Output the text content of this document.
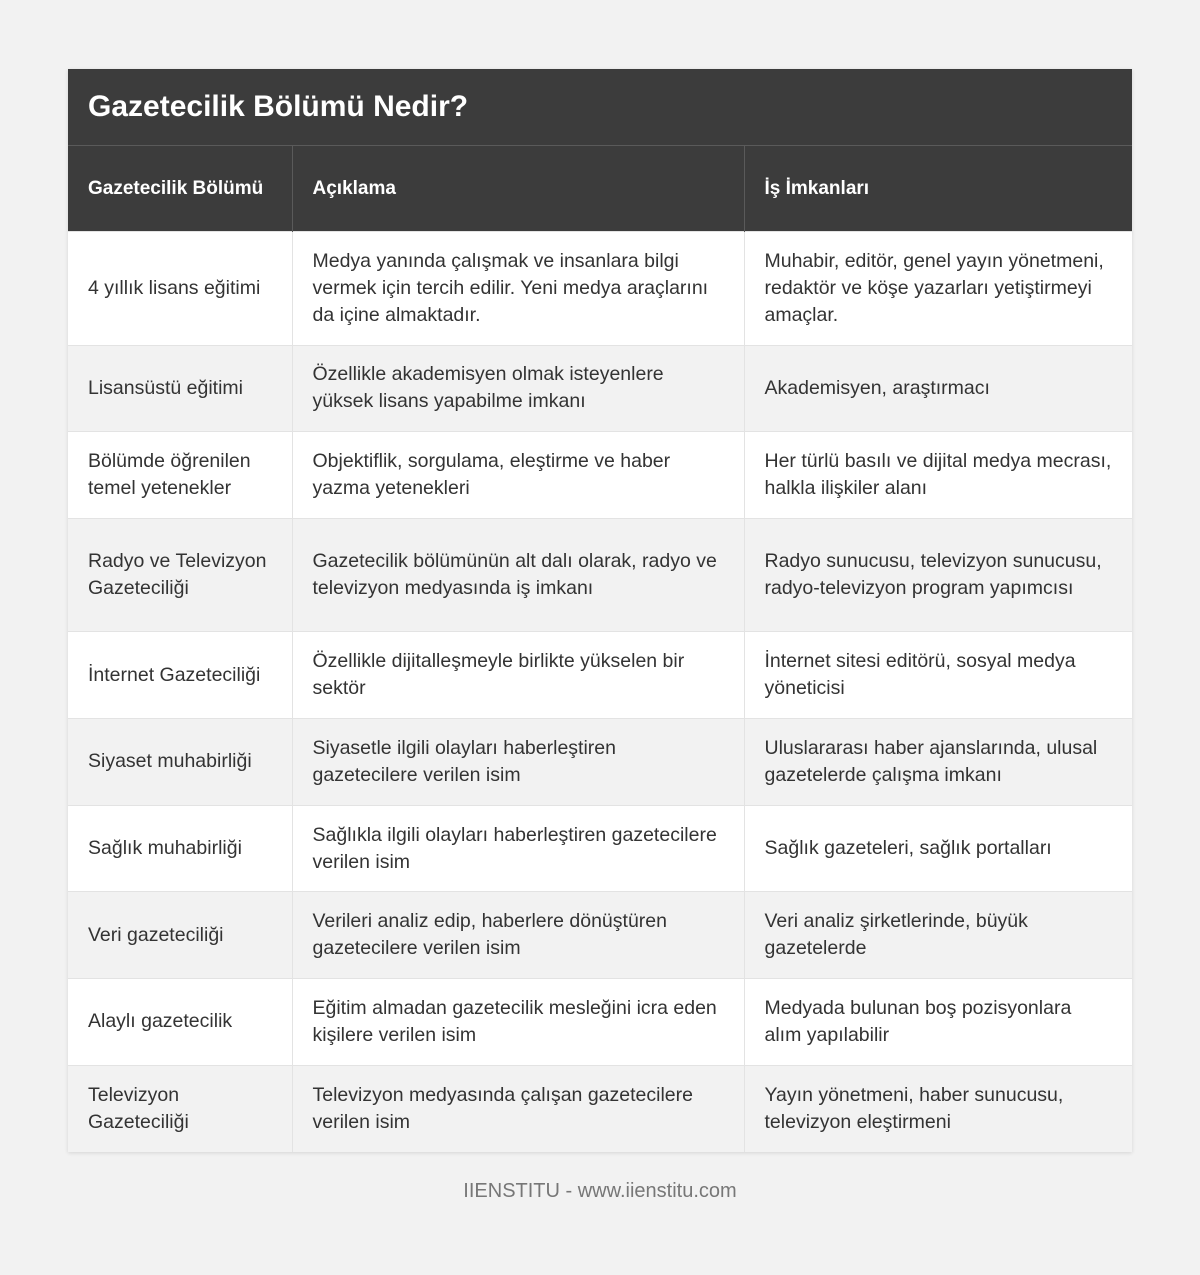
Gazetecilik Bölümü Nedir?
Gazetecilik Bölümü	Açıklama	İş İmkanları
4 yıllık lisans eğitimi	Medya yanında çalışmak ve insanlara bilgi vermek için tercih edilir. Yeni medya araçlarını da içine almaktadır.	Muhabir, editör, genel yayın yönetmeni, redaktör ve köşe yazarları yetiştirmeyi amaçlar.
Lisansüstü eğitimi	Özellikle akademisyen olmak isteyenlere yüksek lisans yapabilme imkanı	Akademisyen, araştırmacı
Bölümde öğrenilen temel yetenekler	Objektiflik, sorgulama, eleştirme ve haber yazma yetenekleri	Her türlü basılı ve dijital medya mecrası, halkla ilişkiler alanı
Radyo ve Televizyon Gazeteciliği	Gazetecilik bölümünün alt dalı olarak, radyo ve televizyon medyasında iş imkanı	Radyo sunucusu, televizyon sunucusu, radyo-televizyon program yapımcısı
İnternet Gazeteciliği	Özellikle dijitalleşmeyle birlikte yükselen bir sektör	İnternet sitesi editörü, sosyal medya yöneticisi
Siyaset muhabirliği	Siyasetle ilgili olayları haberleştiren gazetecilere verilen isim	Uluslararası haber ajanslarında, ulusal gazetelerde çalışma imkanı
Sağlık muhabirliği	Sağlıkla ilgili olayları haberleştiren gazetecilere verilen isim	Sağlık gazeteleri, sağlık portalları
Veri gazeteciliği	Verileri analiz edip, haberlere dönüştüren gazetecilere verilen isim	Veri analiz şirketlerinde, büyük gazetelerde
Alaylı gazetecilik	Eğitim almadan gazetecilik mesleğini icra eden kişilere verilen isim	Medyada bulunan boş pozisyonlara alım yapılabilir
Televizyon Gazeteciliği	Televizyon medyasında çalışan gazetecilere verilen isim	Yayın yönetmeni, haber sunucusu, televizyon eleştirmeni
IIENSTITU - www.iienstitu.com
